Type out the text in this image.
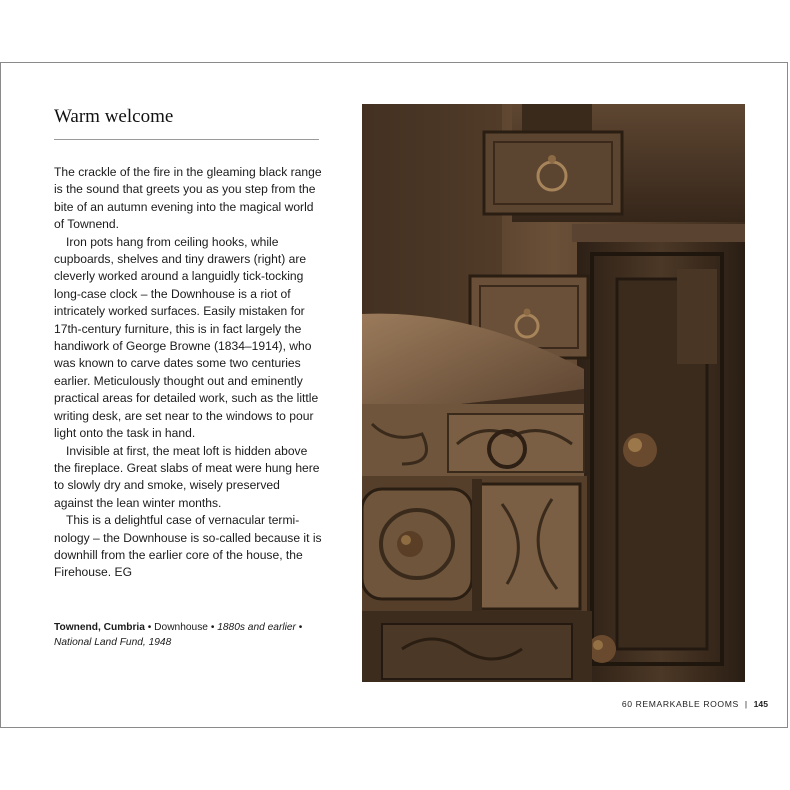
Warm welcome

The crackle of the fire in the gleaming black range is the sound that greets you as you step from the bite of an autumn evening into the magical world of Townend.

Iron pots hang from ceiling hooks, while cupboards, shelves and tiny drawers (right) are cleverly worked around a languidly tick-tocking long-case clock – the Downhouse is a riot of intricately worked surfaces. Easily mistaken for 17th-century furniture, this is in fact largely the handiwork of George Browne (1834–1914), who was known to carve dates some two centuries earlier. Meticulously thought out and eminently practical areas for detailed work, such as the little writing desk, are set near to the windows to pour light onto the task in hand.

Invisible at first, the meat loft is hidden above the fireplace. Great slabs of meat were hung here to slowly dry and smoke, wisely preserved against the lean winter months.

This is a delightful case of vernacular terminology – the Downhouse is so-called because it is downhill from the earlier core of the house, the Firehouse. EG

Townend, Cumbria • Downhouse • 1880s and earlier •
National Land Fund, 1948
60 REMARKABLE ROOMS | 145
